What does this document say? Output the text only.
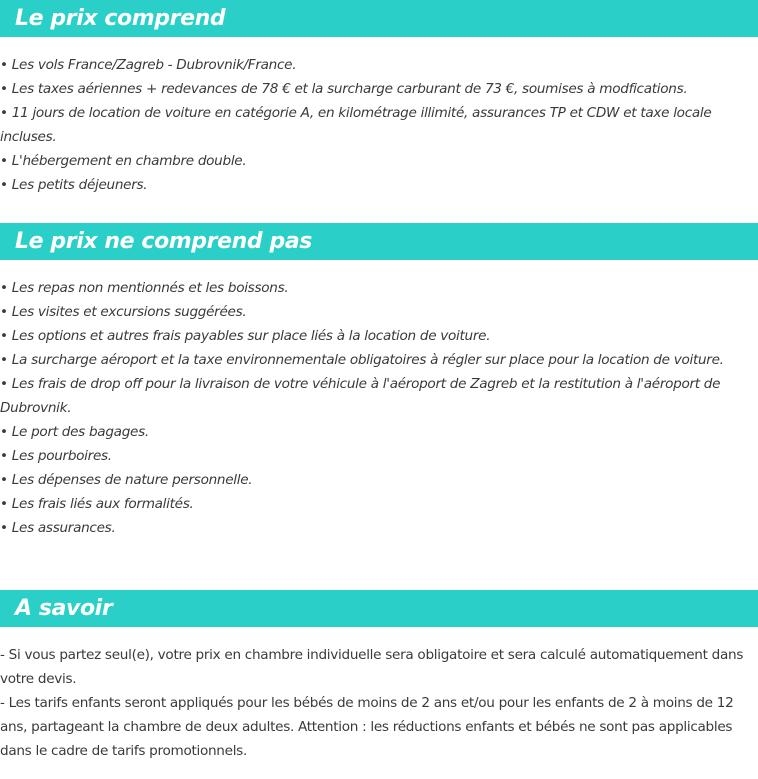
Le prix comprend
• Les vols France/Zagreb - Dubrovnik/France.
• Les taxes aériennes + redevances de 78 € et la surcharge carburant de 73 €, soumises à modfications.
• 11 jours de location de voiture en catégorie A, en kilométrage illimité, assurances TP et CDW et taxe locale incluses.
• L'hébergement en chambre double.
• Les petits déjeuners.
Le prix ne comprend pas
• Les repas non mentionnés et les boissons.
• Les visites et excursions suggérées.
• Les options et autres frais payables sur place liés à la location de voiture.
• La surcharge aéroport et la taxe environnementale obligatoires à régler sur place pour la location de voiture.
• Les frais de drop off pour la livraison de votre véhicule à l'aéroport de Zagreb et la restitution à l'aéroport de Dubrovnik.
• Le port des bagages.
• Les pourboires.
• Les dépenses de nature personnelle.
• Les frais liés aux formalités.
• Les assurances.
A savoir
- Si vous partez seul(e), votre prix en chambre individuelle sera obligatoire et sera calculé automatiquement dans votre devis.
- Les tarifs enfants seront appliqués pour les bébés de moins de 2 ans et/ou pour les enfants de 2 à moins de 12 ans, partageant la chambre de deux adultes. Attention : les réductions enfants et bébés ne sont pas applicables dans le cadre de tarifs promotionnels.
